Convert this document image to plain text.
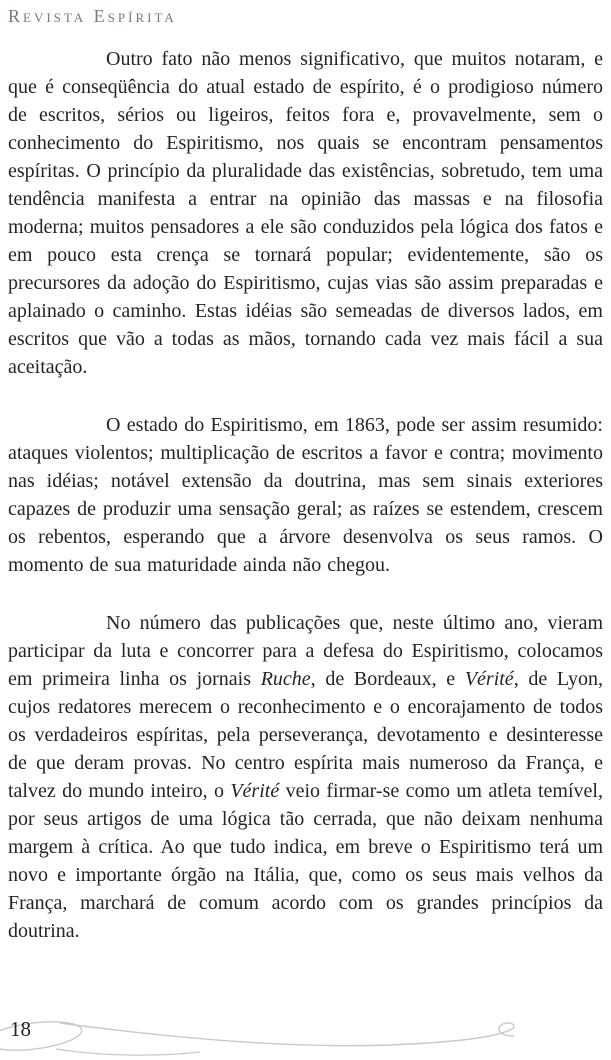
Revista Espírita

Outro fato não menos significativo, que muitos notaram, e que é conseqüência do atual estado de espírito, é o prodigioso número de escritos, sérios ou ligeiros, feitos fora e, provavelmente, sem o conhecimento do Espiritismo, nos quais se encontram pensamentos espíritas. O princípio da pluralidade das existências, sobretudo, tem uma tendência manifesta a entrar na opinião das massas e na filosofia moderna; muitos pensadores a ele são conduzidos pela lógica dos fatos e em pouco esta crença se tornará popular; evidentemente, são os precursores da adoção do Espiritismo, cujas vias são assim preparadas e aplainado o caminho. Estas idéias são semeadas de diversos lados, em escritos que vão a todas as mãos, tornando cada vez mais fácil a sua aceitação.

O estado do Espiritismo, em 1863, pode ser assim resumido: ataques violentos; multiplicação de escritos a favor e contra; movimento nas idéias; notável extensão da doutrina, mas sem sinais exteriores capazes de produzir uma sensação geral; as raízes se estendem, crescem os rebentos, esperando que a árvore desenvolva os seus ramos. O momento de sua maturidade ainda não chegou.

No número das publicações que, neste último ano, vieram participar da luta e concorrer para a defesa do Espiritismo, colocamos em primeira linha os jornais Ruche, de Bordeaux, e Vérité, de Lyon, cujos redatores merecem o reconhecimento e o encorajamento de todos os verdadeiros espíritas, pela perseverança, devotamento e desinteresse de que deram provas. No centro espírita mais numeroso da França, e talvez do mundo inteiro, o Vérité veio firmar-se como um atleta temível, por seus artigos de uma lógica tão cerrada, que não deixam nenhuma margem à crítica. Ao que tudo indica, em breve o Espiritismo terá um novo e importante órgão na Itália, que, como os seus mais velhos da França, marchará de comum acordo com os grandes princípios da doutrina.

18
